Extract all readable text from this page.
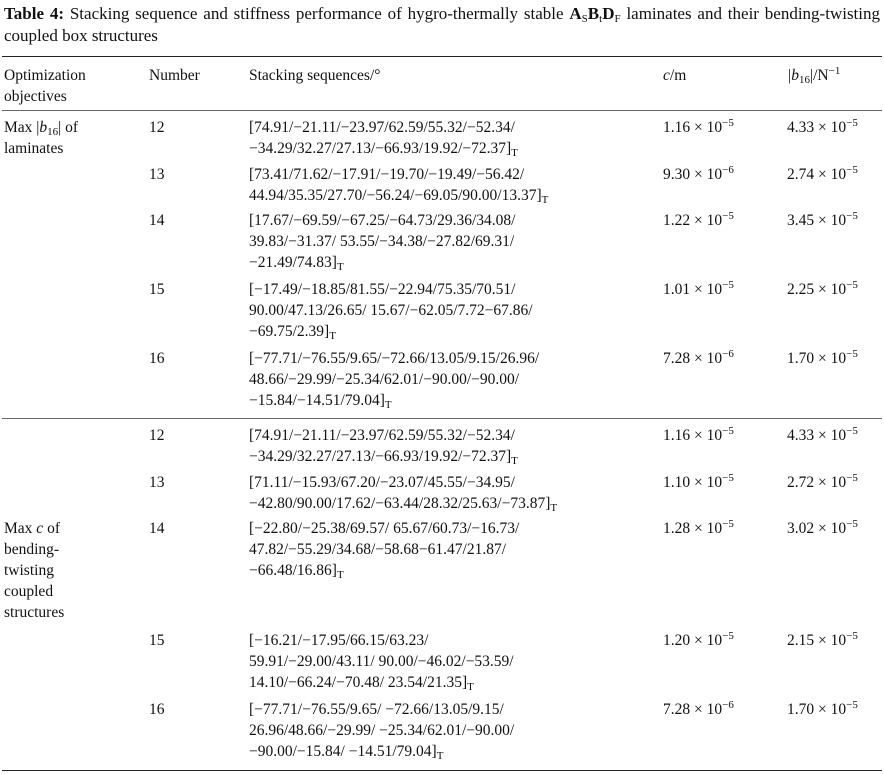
Table 4: Stacking sequence and stiffness performance of hygro-thermally stable $A_SB_tD_F$ laminates and their bending-twisting coupled box structures
Optimization
objectives
Number	Stacking sequences/°	c/m	$|b_{16}|/N^{-1}$
Max $|b_{16}|$ of
laminates
12	[74.91/−21.11/−23.97/62.59/55.32/−52.34/
$-34.29/32.27/27.13/-66.93/19.92/-72.37]_T$
$1.16 \times 10^{-5}$	$4.33 \times 10^{-5}$
13	[73.41/71.62/−17.91/−19.70/−19.49/−56.42/
$44.94/35.35/27.70/-56.24/-69.05/90.00/13.37]_T$
$9.30 \times 10^{-6}$	$2.74 \times 10^{-5}$
14	[17.67/−69.59/−67.25/−64.73/29.36/34.08/
39.83/−31.37/ 53.55/−34.38/−27.82/69.31/
$-21.49/74.83]_T$
$1.22 \times 10^{-5}$	$3.45 \times 10^{-5}$
15	[−17.49/−18.85/81.55/−22.94/75.35/70.51/
90.00/47.13/26.65/ 15.67/−62.05/7.72−67.86/
$-69.75/2.39]_T$
$1.01 \times 10^{-5}$	$2.25 \times 10^{-5}$
16	[−77.71/−76.55/9.65/−72.66/13.05/9.15/26.96/
48.66/−29.99/−25.34/62.01/−90.00/−90.00/
$-15.84/-14.51/79.04]_T$
$7.28 \times 10^{-6}$	$1.70 \times 10^{-5}$
Max c of
bending-
twisting
coupled
structures
12	[74.91/−21.11/−23.97/62.59/55.32/−52.34/
$-34.29/32.27/27.13/-66.93/19.92/-72.37]_T$
$1.16 \times 10^{-5}$	$4.33 \times 10^{-5}$
13	[71.11/−15.93/67.20/−23.07/45.55/−34.95/
$-42.80/90.00/17.62/-63.44/28.32/25.63/-73.87]_T$
$1.10 \times 10^{-5}$	$2.72 \times 10^{-5}$
14	[−22.80/−25.38/69.57/ 65.67/60.73/−16.73/
47.82/−55.29/34.68/−58.68−61.47/21.87/
$-66.48/16.86]_T$
$1.28 \times 10^{-5}$	$3.02 \times 10^{-5}$
15	[−16.21/−17.95/66.15/63.23/
59.91/−29.00/43.11/ 90.00/−46.02/−53.59/
14.10/−66.24/−70.48/ $23.54/21.35]_T$
$1.20 \times 10^{-5}$	$2.15 \times 10^{-5}$
16	[−77.71/−76.55/9.65/ −72.66/13.05/9.15/
26.96/48.66/−29.99/ −25.34/62.01/−90.00/
$-90.00/-15.84/ -14.51/79.04]_T$
$7.28 \times 10^{-6}$	$1.70 \times 10^{-5}$
